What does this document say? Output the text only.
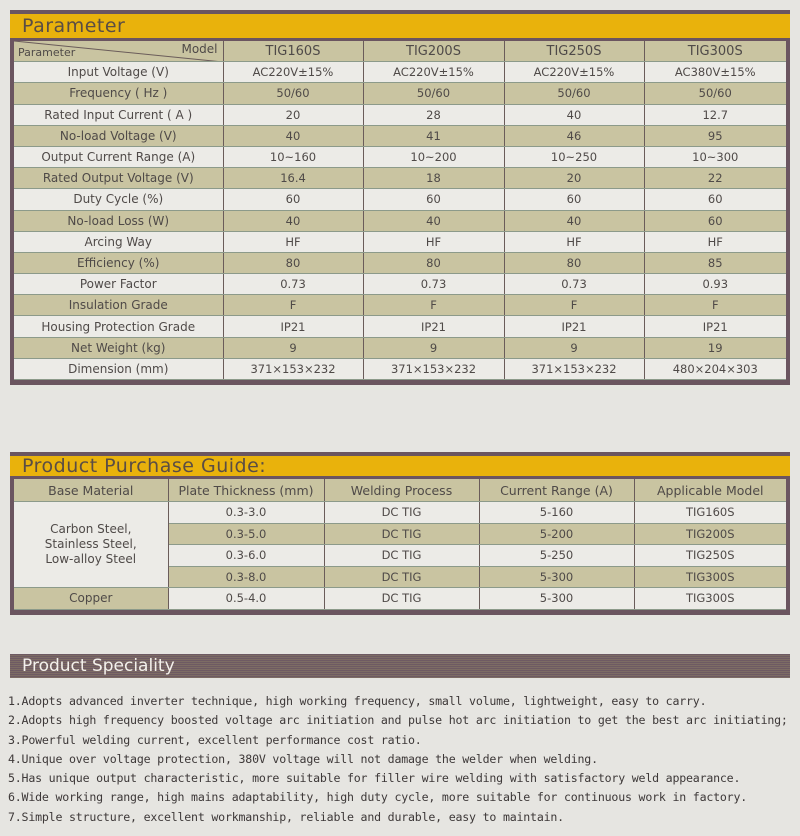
Parameter
Parameter Model	TIG160S	TIG200S	TIG250S	TIG300S
Input Voltage (V)	AC220V±15%	AC220V±15%	AC220V±15%	AC380V±15%
Frequency ( Hz )	50/60	50/60	50/60	50/60
Rated Input Current ( A )	20	28	40	12.7
No-load Voltage (V)	40	41	46	95
Output Current Range (A)	10~160	10~200	10~250	10~300
Rated Output Voltage (V)	16.4	18	20	22
Duty Cycle (%)	60	60	60	60
No-load Loss (W)	40	40	40	60
Arcing Way	HF	HF	HF	HF
Efficiency (%)	80	80	80	85
Power Factor	0.73	0.73	0.73	0.93
Insulation Grade	F	F	F	F
Housing Protection Grade	IP21	IP21	IP21	IP21
Net Weight (kg)	9	9	9	19
Dimension (mm)	371×153×232	371×153×232	371×153×232	480×204×303
Product Purchase Guide:
Base Material	Plate Thickness (mm)	Welding Process	Current Range (A)	Applicable Model
Carbon Steel,
Stainless Steel,
Low-alloy Steel	0.3-3.0	DC TIG	5-160	TIG160S
	0.3-5.0	DC TIG	5-200	TIG200S
	0.3-6.0	DC TIG	5-250	TIG250S
	0.3-8.0	DC TIG	5-300	TIG300S
Copper	0.5-4.0	DC TIG	5-300	TIG300S
Product Speciality
1.Adopts advanced inverter technique, high working frequency, small volume, lightweight, easy to carry.
2.Adopts high frequency boosted voltage arc initiation and pulse hot arc initiation to get the best arc initiating;
3.Powerful welding current, excellent performance cost ratio.
4.Unique over voltage protection, 380V voltage will not damage the welder when welding.
5.Has unique output characteristic, more suitable for filler wire welding with satisfactory weld appearance.
6.Wide working range, high mains adaptability, high duty cycle, more suitable for continuous work in factory.
7.Simple structure, excellent workmanship, reliable and durable, easy to maintain.
